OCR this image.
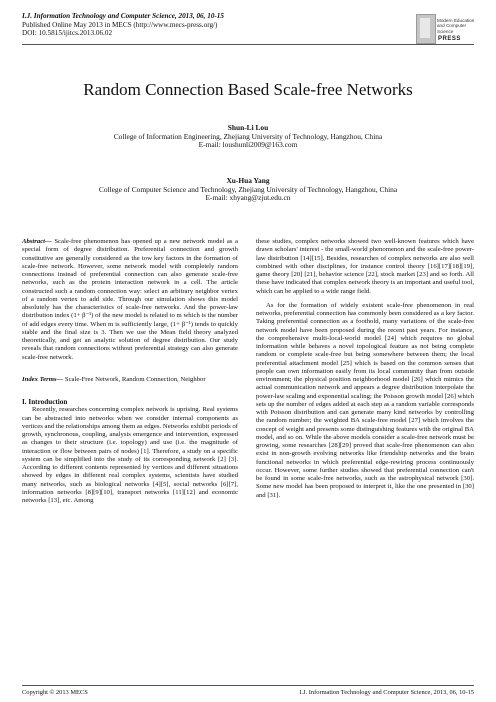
I.J. Information Technology and Computer Science, 2013, 06, 10-15
Published Online May 2013 in MECS (http://www.mecs-press.org/)
DOI: 10.5815/ijitcs.2013.06.02
Modern Education and Computer Science
PRESS
Random Connection Based Scale-free Networks
Shun-Li Lou
College of Information Engineering, Zhejiang University of Technology, Hangzhou, China
E-mail: loushunli2009@163.com
Xu-Hua Yang
College of Computer Science and Technology, Zhejiang University of Technology, Hangzhou, China
E-mail: xhyang@zjut.edu.cn

Abstract— Scale-free phenomenon has opened up a new network model as a special form of degree distribution. Preferential connection and growth constitutive are generally considered as the tow key factors in the formation of scale-free network. However, some network model with completely random connections instead of preferential connection can also generate scale-free networks, such as the protein interaction network in a cell. The article constructed such a random connection way: select an arbitrary neighbor vertex of a random vertex to add side. Through our simulation shows this model absolutely has the characteristics of scale-free networks. And the power-law distribution index (1+ β⁻¹) of the new model is related to m which is the number of add edges every time. When m is sufficiently large, (1+ β⁻¹) tends to quickly stable and the final size is 3. Then we use the Mean field theory analyzed theoretically, and get an analytic solution of degree distribution. Our study reveals that random connections without preferential strategy can also generate scale-free network.

Index Terms— Scale-Free Network, Random Connection, Neighbor

I. Introduction

Recently, researches concerning complex network is uprising. Real systems can be abstracted into networks when we consider internal components as vertices and the relationships among them as edges. Networks exhibit periods of growth, synchronous, coupling, analysis emergence and intervention, expressed as changes to their structure (i.e. topology) and use (i.e. the magnitude of interaction or flow between pairs of nodes) [1]. Therefore, a study on a specific system can be simplified into the study of its corresponding network [2] [3]. According to different contents represented by vertices and different situations showed by edges in different real complex systems, scientists have studied many networks, such as biological networks [4][5], social networks [6][7], information networks [8][9][10], transport networks [11][12] and economic networks [13], etc. Among

these studies, complex networks showed two well-known features which have drawn scholars' interest - the small-world phenomenon and the scale-free power-law distribution [14][15]. Besides, researches of complex networks are also well combined with other disciplines, for instance control theory [16][17][18][19], game theory [20] [21], behavior science [22], stock market [23] and so forth. All these have indicated that complex network theory is an important and useful tool, which can be applied to a wide range field.

As for the formation of widely existent scale-free phenomenon in real networks, preferential connection has commonly been considered as a key factor. Taking preferential connection as a foothold, many variations of the scale-free network model have been proposed during the recent past years. For instance, the comprehensive multi-local-world model [24] which requires no global information while behaves a novel topological feature as not being complete random or complete scale-free but being somewhere between them; the local preferential attachment model [25] which is based on the common senses that people can own information easily from its local community than from outside environment; the physical position neighborhood model [26] which mimics the actual communication network and appears a degree distribution interpolate the power-law scaling and exponential scaling; the Poisson growth model [26] which sets up the number of edges added at each step as a random variable corresponds with Poisson distribution and can generate many kind networks by controlling the random number; the weighted BA scale-free model [27] which involves the concept of weight and presents some distinguishing features with the original BA model, and so on. While the above models consider a scale-free network must be growing, some researches [28][29] proved that scale-free phenomenon can also exist in non-growth evolving networks like friendship networks and the brain functional networks in which preferential edge-rewiring process continuously occur. However, some further studies showed that preferential connection can't be found in some scale-free networks, such as the astrophysical network [30]. Some new model has been proposed to interpret it, like the one presented in [30] and [31].

Copyright © 2013 MECS	I.J. Information Technology and Computer Science, 2013, 06, 10-15
